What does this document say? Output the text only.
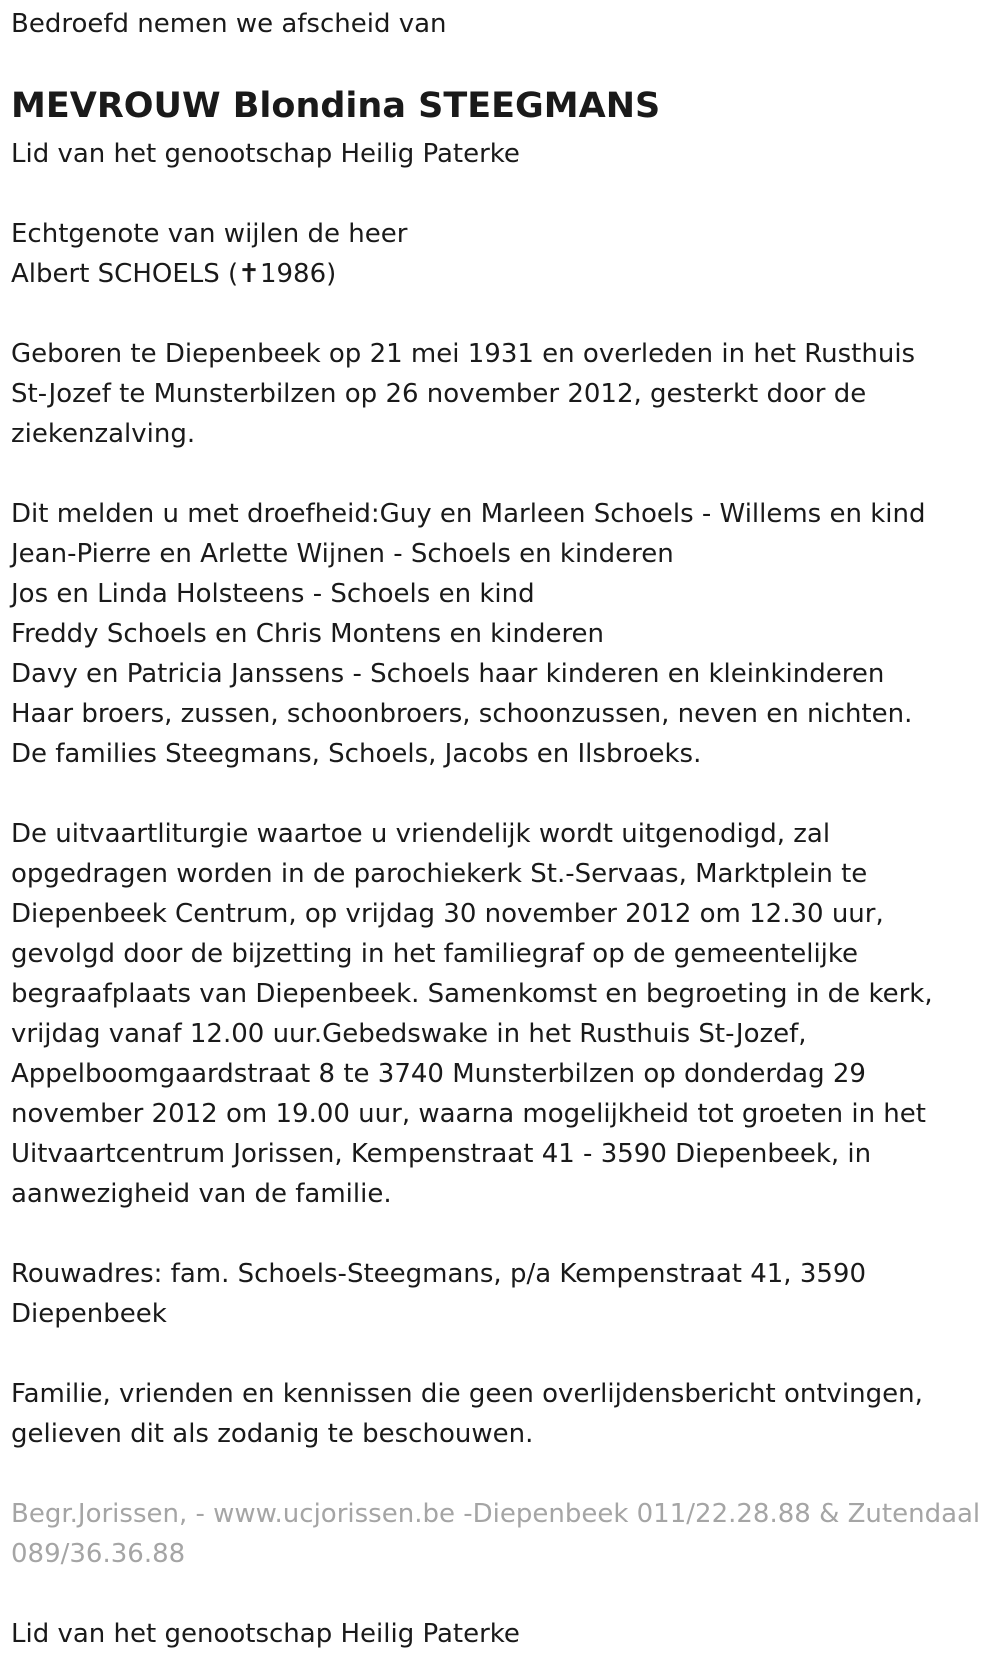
Bedroefd nemen we afscheid van

MEVROUW Blondina STEEGMANS

Lid van het genootschap Heilig Paterke

Echtgenote van wijlen de heer

Albert SCHOELS (✝1986)

Geboren te Diepenbeek op 21 mei 1931 en overleden in het Rusthuis

St-Jozef te Munsterbilzen op 26 november 2012, gesterkt door de

ziekenzalving.

Dit melden u met droefheid:Guy en Marleen Schoels - Willems en kind

Jean-Pierre en Arlette Wijnen - Schoels en kinderen

Jos en Linda Holsteens - Schoels en kind

Freddy Schoels en Chris Montens en kinderen

Davy en Patricia Janssens - Schoels haar kinderen en kleinkinderen

Haar broers, zussen, schoonbroers, schoonzussen, neven en nichten.

De families Steegmans, Schoels, Jacobs en Ilsbroeks.

De uitvaartliturgie waartoe u vriendelijk wordt uitgenodigd, zal

opgedragen worden in de parochiekerk St.-Servaas, Marktplein te

Diepenbeek Centrum, op vrijdag 30 november 2012 om 12.30 uur,

gevolgd door de bijzetting in het familiegraf op de gemeentelijke

begraafplaats van Diepenbeek. Samenkomst en begroeting in de kerk,

vrijdag vanaf 12.00 uur.Gebedswake in het Rusthuis St-Jozef,

Appelboomgaardstraat 8 te 3740 Munsterbilzen op donderdag 29

november 2012 om 19.00 uur, waarna mogelijkheid tot groeten in het

Uitvaartcentrum Jorissen, Kempenstraat 41 - 3590 Diepenbeek, in

aanwezigheid van de familie.

Rouwadres: fam. Schoels-Steegmans, p/a Kempenstraat 41, 3590

Diepenbeek

Familie, vrienden en kennissen die geen overlijdensbericht ontvingen,

gelieven dit als zodanig te beschouwen.

Begr.Jorissen, - www.ucjorissen.be -Diepenbeek 011/22.28.88 & Zutendaal

089/36.36.88

Lid van het genootschap Heilig Paterke
